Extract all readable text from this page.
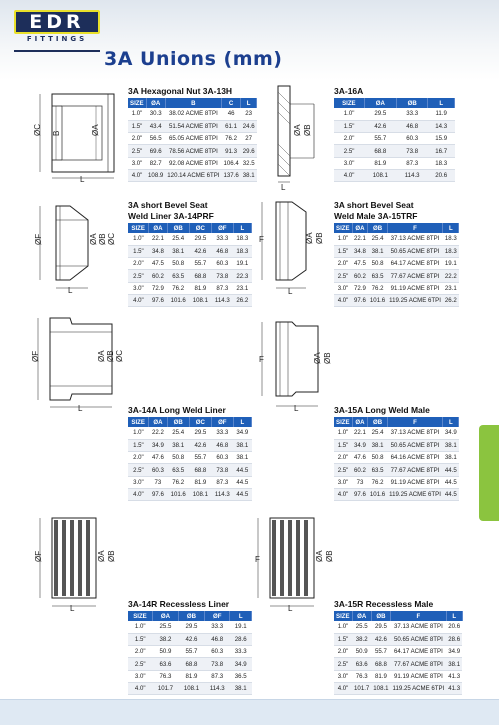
EDR
FITTINGS
3A Unions (mm)
ØC B	ØA
L
ØA ØB
L
ØF	ØA ØB ØC
L
F	ØA ØB
L
ØF	ØA ØB ØC
L
F	ØA ØB
L
ØF	ØA ØB
L
F	ØA ØB
L
3A Hexagonal Nut 3A-13H
SIZE	ØA	B	C	L
1.0"	30.3	38.02 ACME 8TPI	46	23
1.5"	43.4	51.54 ACME 8TPI	61.1	24.6
2.0"	56.5	65.05 ACME 8TPI	76.2	27
2.5"	69.6	78.56 ACME 8TPI	91.3	29.6
3.0"	82.7	92.08 ACME 8TPI	106.4	32.5
4.0"	108.9	120.14 ACME 6TPI	137.6	38.1
3A-16A
SIZE	ØA	ØB	L
1.0"	29.5	33.3	11.9
1.5"	42.6	46.8	14.3
2.0"	55.7	60.3	15.9
2.5"	68.8	73.8	16.7
3.0"	81.9	87.3	18.3
4.0"	108.1	114.3	20.6
3A short Bevel Seat
Weld Liner 3A-14PRF
SIZE	ØA	ØB	ØC	ØF	L
1.0"	22.1	25.4	29.5	33.3	18.3
1.5"	34.8	38.1	42.6	46.8	18.3
2.0"	47.5	50.8	55.7	60.3	19.1
2.5"	60.2	63.5	68.8	73.8	22.3
3.0"	72.9	76.2	81.9	87.3	23.1
4.0"	97.6	101.6	108.1	114.3	26.2
3A short Bevel Seat
Weld Male 3A-15TRF
SIZE	ØA	ØB	F	L
1.0"	22.1	25.4	37.13 ACME 8TPI	18.3
1.5"	34.8	38.1	50.65 ACME 8TPI	18.3
2.0"	47.5	50.8	64.17 ACME 8TPI	19.1
2.5"	60.2	63.5	77.67 ACME 8TPI	22.2
3.0"	72.9	76.2	91.19 ACME 8TPI	23.1
4.0"	97.6	101.6	119.25 ACME 6TPI	26.2
3A-14A Long Weld Liner
SIZE	ØA	ØB	ØC	ØF	L
1.0"	22.2	25.4	29.5	33.3	34.9
1.5"	34.9	38.1	42.6	46.8	38.1
2.0"	47.6	50.8	55.7	60.3	38.1
2.5"	60.3	63.5	68.8	73.8	44.5
3.0"	73	76.2	81.9	87.3	44.5
4.0"	97.6	101.6	108.1	114.3	44.5
3A-15A Long Weld Male
SIZE	ØA	ØB	F	L
1.0"	22.1	25.4	37.13 ACME 8TPI	34.9
1.5"	34.9	38.1	50.65 ACME 8TPI	38.1
2.0"	47.6	50.8	64.16 ACME 8TPI	38.1
2.5"	60.2	63.5	77.67 ACME 8TPI	44.5
3.0"	73	76.2	91.19 ACME 8TPI	44.5
4.0"	97.6	101.6	119.25 ACME 6TPI	44.5
3A-14R Recessless Liner
SIZE	ØA	ØB	ØF	L
1.0"	25.5	29.5	33.3	19.1
1.5"	38.2	42.6	46.8	28.6
2.0"	50.9	55.7	60.3	33.3
2.5"	63.6	68.8	73.8	34.9
3.0"	76.3	81.9	87.3	36.5
4.0"	101.7	108.1	114.3	38.1
3A-15R Recessless Male
SIZE	ØA	ØB	F	L
1.0"	25.5	29.5	37.13 ACME 8TPI	20.6
1.5"	38.2	42.6	50.65 ACME 8TPI	28.6
2.0"	50.9	55.7	64.17 ACME 8TPI	34.9
2.5"	63.6	68.8	77.67 ACME 8TPI	38.1
3.0"	76.3	81.9	91.19 ACME 8TPI	41.3
4.0"	101.7	108.1	119.25 ACME 6TPI	41.3
